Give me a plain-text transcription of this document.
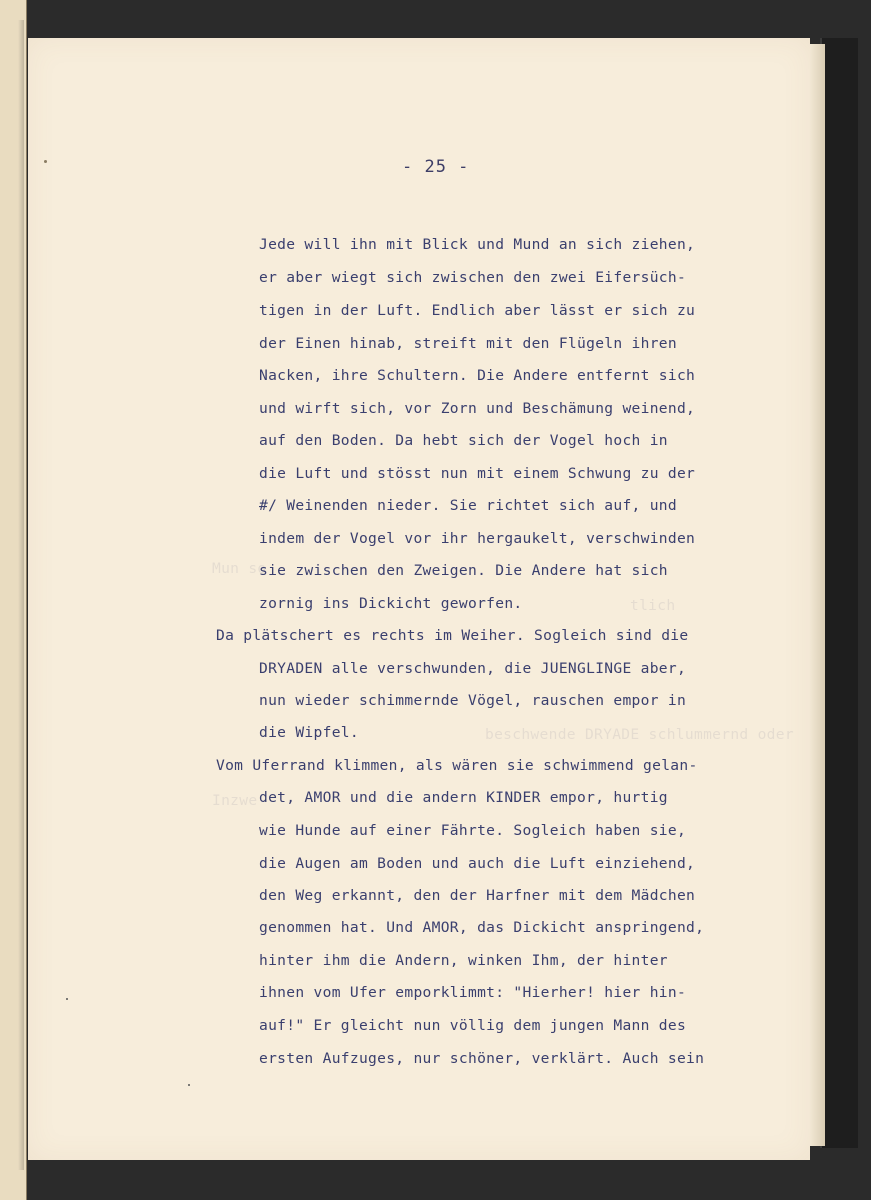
- 25 -
Jede will ihn mit Blick und Mund an sich ziehen,
er aber wiegt sich zwischen den zwei Eifersüch-
tigen in der Luft. Endlich aber lässt er sich zu
der Einen hinab, streift mit den Flügeln ihren
Nacken, ihre Schultern. Die Andere entfernt sich
und wirft sich, vor Zorn und Beschämung weinend,
auf den Boden. Da hebt sich der Vogel hoch in
die Luft und stösst nun mit einem Schwung zu der
#/ Weinenden nieder. Sie richtet sich auf, und
indem der Vogel vor ihr hergaukelt, verschwinden
sie zwischen den Zweigen. Die Andere hat sich
zornig ins Dickicht geworfen.
Da plätschert es rechts im Weiher. Sogleich sind die
DRYADEN alle verschwunden, die JUENGLINGE aber,
nun wieder schimmernde Vögel, rauschen empor in
die Wipfel.
Vom Uferrand klimmen, als wären sie schwimmend gelan-
det, AMOR und die andern KINDER empor, hurtig
wie Hunde auf einer Fährte. Sogleich haben sie,
die Augen am Boden und auch die Luft einziehend,
den Weg erkannt, den der Harfner mit dem Mädchen
genommen hat. Und AMOR, das Dickicht anspringend,
hinter ihm die Andern, winken Ihm, der hinter
ihnen vom Ufer emporklimmt: "Hierher! hier hin-
auf!" Er gleicht nun völlig dem jungen Mann des
ersten Aufzuges, nur schöner, verklärt. Auch sein
Mun so
tlich
beschwende DRYADE schlummernd oder
Inzwe
